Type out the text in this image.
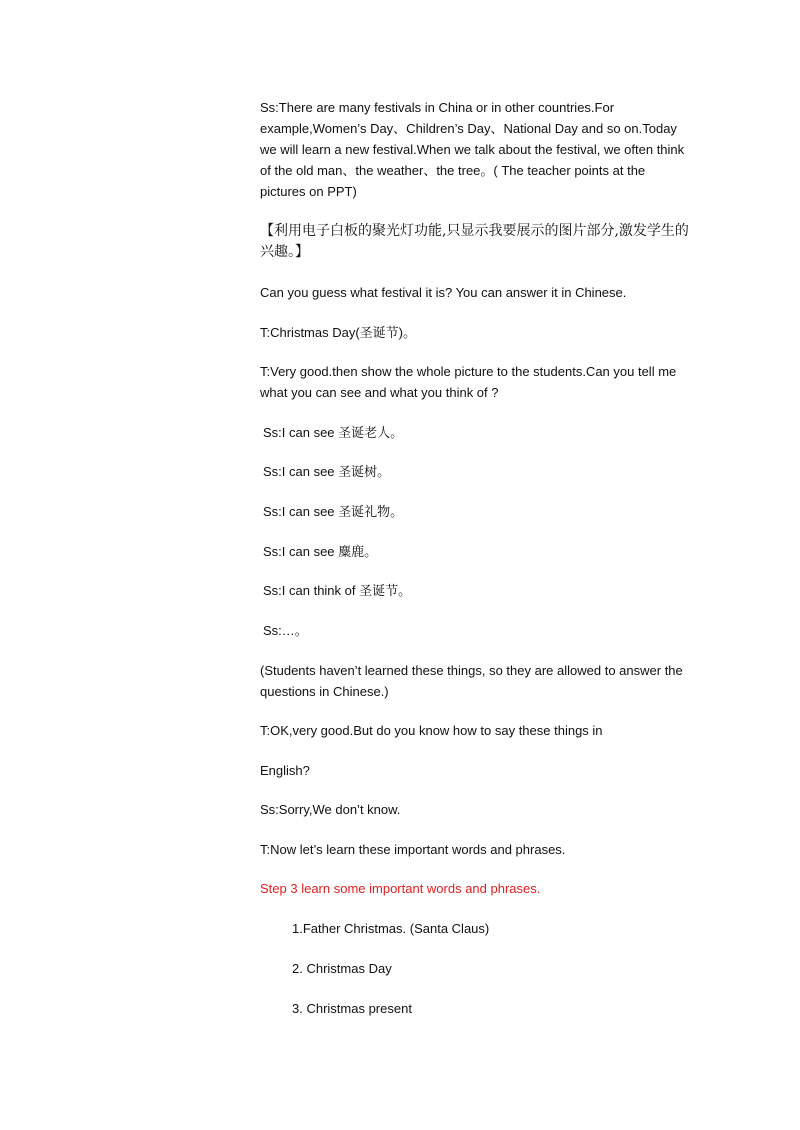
Ss:There are many festivals in China or in other countries.For example,Women’s Day、Children’s Day、National Day and so on.Today we will learn a new festival.When we talk about the festival, we often think of the old man、the weather、the tree。( The teacher points at the pictures on PPT)

【利用电子白板的聚光灯功能,只显示我要展示的图片部分,激发学生的兴趣。】

Can you guess what festival it is? You can answer it in Chinese.

T:Christmas Day(圣诞节)。

T:Very good.then show the whole picture to the students.Can you tell me what you can see and what you think of ?

Ss:I can see 圣诞老人。

Ss:I can see 圣诞树。

Ss:I can see 圣诞礼物。

Ss:I can see 麋鹿。

Ss:I can think of 圣诞节。

Ss:…。

(Students haven’t learned these things, so they are allowed to answer the questions in Chinese.)

T:OK,very good.But do you know how to say these things in

English?

Ss:Sorry,We don’t know.

T:Now let’s learn these important words and phrases.

Step 3 learn some important words and phrases.

1.Father Christmas. (Santa Claus)

2. Christmas Day

3. Christmas present
